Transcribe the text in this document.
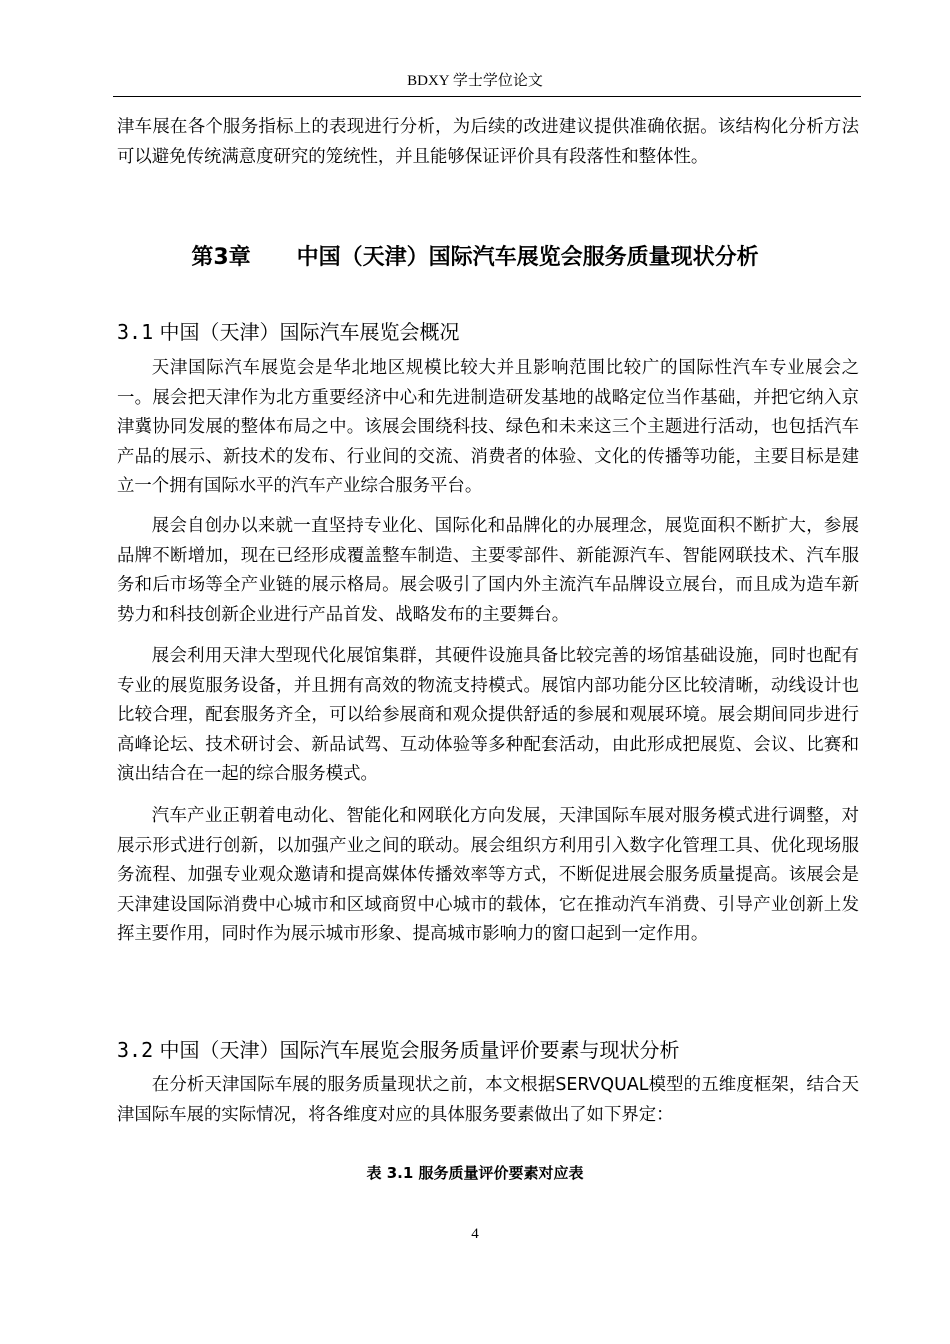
BDXY 学士学位论文

津车展在各个服务指标上的表现进行分析，为后续的改进建议提供准确依据。该结构化分析方法可以避免传统满意度研究的笼统性，并且能够保证评价具有段落性和整体性。

第3章 中国（天津）国际汽车展览会服务质量现状分析
3.1 中国（天津）国际汽车展览会概况

天津国际汽车展览会是华北地区规模比较大并且影响范围比较广的国际性汽车专业展会之一。展会把天津作为北方重要经济中心和先进制造研发基地的战略定位当作基础，并把它纳入京津冀协同发展的整体布局之中。该展会围绕科技、绿色和未来这三个主题进行活动，也包括汽车产品的展示、新技术的发布、行业间的交流、消费者的体验、文化的传播等功能，主要目标是建立一个拥有国际水平的汽车产业综合服务平台。

展会自创办以来就一直坚持专业化、国际化和品牌化的办展理念，展览面积不断扩大，参展品牌不断增加，现在已经形成覆盖整车制造、主要零部件、新能源汽车、智能网联技术、汽车服务和后市场等全产业链的展示格局。展会吸引了国内外主流汽车品牌设立展台，而且成为造车新势力和科技创新企业进行产品首发、战略发布的主要舞台。

展会利用天津大型现代化展馆集群，其硬件设施具备比较完善的场馆基础设施，同时也配有专业的展览服务设备，并且拥有高效的物流支持模式。展馆内部功能分区比较清晰，动线设计也比较合理，配套服务齐全，可以给参展商和观众提供舒适的参展和观展环境。展会期间同步进行高峰论坛、技术研讨会、新品试驾、互动体验等多种配套活动，由此形成把展览、会议、比赛和演出结合在一起的综合服务模式。

汽车产业正朝着电动化、智能化和网联化方向发展，天津国际车展对服务模式进行调整，对展示形式进行创新，以加强产业之间的联动。展会组织方利用引入数字化管理工具、优化现场服务流程、加强专业观众邀请和提高媒体传播效率等方式，不断促进展会服务质量提高。该展会是天津建设国际消费中心城市和区域商贸中心城市的载体，它在推动汽车消费、引导产业创新上发挥主要作用，同时作为展示城市形象、提高城市影响力的窗口起到一定作用。

3.2 中国（天津）国际汽车展览会服务质量评价要素与现状分析

在分析天津国际车展的服务质量现状之前，本文根据SERVQUAL模型的五维度框架，结合天津国际车展的实际情况，将各维度对应的具体服务要素做出了如下界定：

表 3.1 服务质量评价要素对应表
4
